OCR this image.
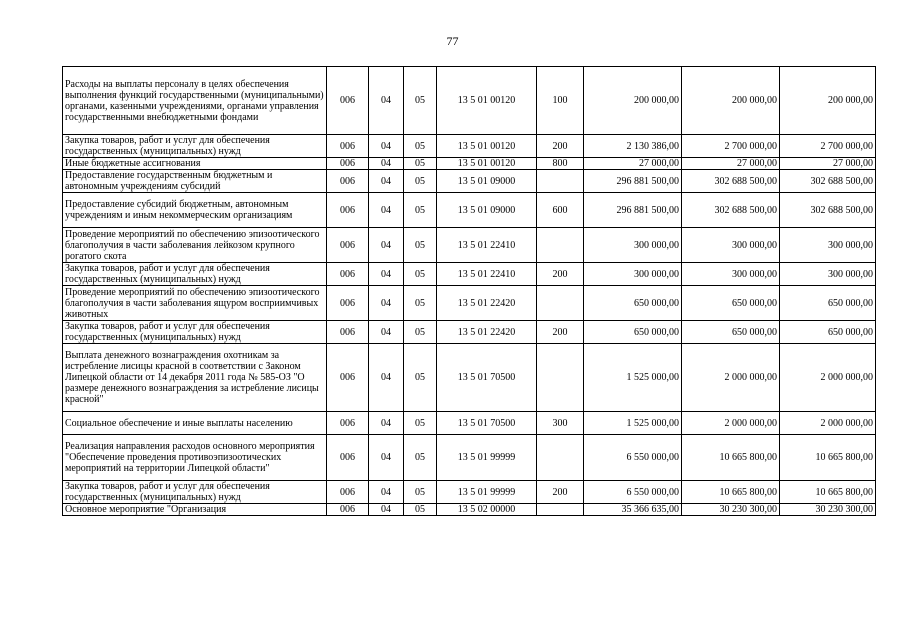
77
Расходы на выплаты персоналу в целях обеспечения выполнения функций государственными (муниципальными) органами, казенными учреждениями, органами управления государственными внебюджетными фондами	006	04	05	13 5 01 00120	100	200 000,00	200 000,00	200 000,00
Закупка товаров, работ и услуг для обеспечения государственных (муниципальных) нужд	006	04	05	13 5 01 00120	200	2 130 386,00	2 700 000,00	2 700 000,00
Иные бюджетные ассигнования	006	04	05	13 5 01 00120	800	27 000,00	27 000,00	27 000,00
Предоставление государственным бюджетным и автономным учреждениям субсидий	006	04	05	13 5 01 09000		296 881 500,00	302 688 500,00	302 688 500,00
Предоставление субсидий бюджетным, автономным учреждениям и иным некоммерческим организациям	006	04	05	13 5 01 09000	600	296 881 500,00	302 688 500,00	302 688 500,00
Проведение мероприятий по обеспечению эпизоотического благополучия в части заболевания лейкозом крупного рогатого скота	006	04	05	13 5 01 22410		300 000,00	300 000,00	300 000,00
Закупка товаров, работ и услуг для обеспечения государственных (муниципальных) нужд	006	04	05	13 5 01 22410	200	300 000,00	300 000,00	300 000,00
Проведение мероприятий по обеспечению эпизоотического благополучия в части заболевания ящуром восприимчивых животных	006	04	05	13 5 01 22420		650 000,00	650 000,00	650 000,00
Закупка товаров, работ и услуг для обеспечения государственных (муниципальных) нужд	006	04	05	13 5 01 22420	200	650 000,00	650 000,00	650 000,00
Выплата денежного вознаграждения охотникам за истребление лисицы красной в соответствии с Законом Липецкой области от 14 декабря 2011 года № 585-ОЗ "О размере денежного вознаграждения за истребление лисицы красной"	006	04	05	13 5 01 70500		1 525 000,00	2 000 000,00	2 000 000,00
Социальное обеспечение и иные выплаты населению	006	04	05	13 5 01 70500	300	1 525 000,00	2 000 000,00	2 000 000,00
Реализация направления расходов основного мероприятия "Обеспечение проведения противоэпизоотических мероприятий на территории Липецкой области"	006	04	05	13 5 01 99999		6 550 000,00	10 665 800,00	10 665 800,00
Закупка товаров, работ и услуг для обеспечения государственных (муниципальных) нужд	006	04	05	13 5 01 99999	200	6 550 000,00	10 665 800,00	10 665 800,00
Основное мероприятие "Организация	006	04	05	13 5 02 00000		35 366 635,00	30 230 300,00	30 230 300,00
